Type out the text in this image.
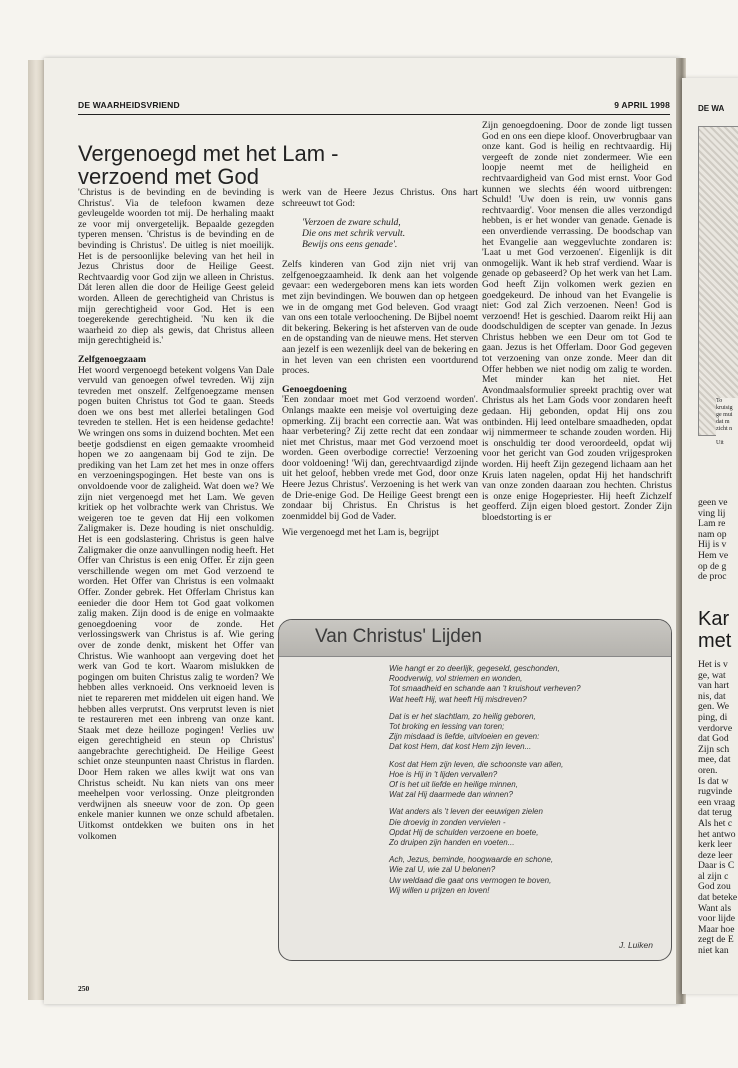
DE WA
To
kruisig
ge mui
dat m
zicht n

Uit

geen ve

ving lij

Lam re

nam op

Hij is v

Hem ve

op de g

de proc

Kar
met

Het is v

ge, wat

van hart

nis, dat

gen. We

ping, di

verdorve

dat God

Zijn sch

mee, dat

oren.

Is dat w

rugvinde

een vraag

dat terug

Als het c

het antwo

kerk leer

deze leer

Daar is C

al zijn c

God zou

dat beteke

Want als

voor lijde

Maar hoe

zegt de E

niet kan

DE WAARHEIDSVRIEND	9 APRIL 1998
Vergenoegd met het Lam - verzoend met God

'Christus is de bevinding en de bevinding is Christus'. Via de telefoon kwamen deze gevleugelde woorden tot mij. De herhaling maakt ze voor mij onvergetelijk. Bepaalde gezegden typeren mensen. 'Christus is de bevinding en de bevinding is Christus'. De uitleg is niet moeilijk. Het is de persoonlijke beleving van het heil in Jezus Christus door de Heilige Geest. Rechtvaardig voor God zijn we alleen in Christus. Dát leren allen die door de Heilige Geest geleid worden. Alleen de gerechtigheid van Christus is mijn gerechtigheid voor God. Het is een toegerekende gerechtigheid. 'Nu ken ik die waarheid zo diep als gewis, dat Christus alleen mijn gerechtigheid is.'

Zelfgenoegzaam

Het woord vergenoegd betekent volgens Van Dale vervuld van genoegen ofwel tevreden. Wij zijn tevreden met onszelf. Zelfgenoegzame mensen pogen buiten Christus tot God te gaan. Steeds doen we ons best met allerlei betalingen God tevreden te stellen. Het is een heidense gedachte! We wringen ons soms in duizend bochten. Met een beetje godsdienst en eigen gemaakte vroomheid hopen we zo aangenaam bij God te zijn. De prediking van het Lam zet het mes in onze offers en verzoeningspogingen. Het beste van ons is onvoldoende voor de zaligheid. Wat doen we? We zijn niet vergenoegd met het Lam. We geven kritiek op het volbrachte werk van Christus. We weigeren toe te geven dat Hij een volkomen Zaligmaker is. Deze houding is niet onschuldig. Het is een godslastering. Christus is geen halve Zaligmaker die onze aanvullingen nodig heeft. Het Offer van Christus is een enig Offer. Er zijn geen verschillende wegen om met God verzoend te worden. Het Offer van Christus is een volmaakt Offer. Zonder gebrek. Het Offerlam Christus kan eenieder die door Hem tot God gaat volkomen zalig maken. Zijn dood is de enige en volmaakte genoegdoening voor de zonde. Het verlossingswerk van Christus is af. Wie gering over de zonde denkt, miskent het Offer van Christus. Wie wanhoopt aan vergeving doet het werk van God te kort. Waarom mislukken de pogingen om buiten Christus zalig te worden? We hebben alles verknoeid. Ons verknoeid leven is niet te repareren met middelen uit eigen hand. We hebben alles verprutst. Ons verprutst leven is niet te restaureren met een inbreng van onze kant. Staak met deze heilloze pogingen! Verlies uw eigen gerechtigheid en steun op Christus' aangebrachte gerechtigheid. De Heilige Geest schiet onze steunpunten naast Christus in flarden. Door Hem raken we alles kwijt wat ons van Christus scheidt. Nu kan niets van ons meer meehelpen voor verlossing. Onze pleitgronden verdwijnen als sneeuw voor de zon. Op geen enkele manier kunnen we onze schuld afbetalen. Uitkomst ontdekken we buiten ons in het volkomen

werk van de Heere Jezus Christus. Ons hart schreeuwt tot God:

'Verzoen de zware schuld,
Die ons met schrik vervult.
Bewijs ons eens genade'.

Zelfs kinderen van God zijn niet vrij van zelfgenoegzaamheid. Ik denk aan het volgende gevaar: een wedergeboren mens kan iets worden met zijn bevindingen. We bouwen dan op hetgeen we in de omgang met God beleven. God vraagt van ons een totale verloochening. De Bijbel noemt dit bekering. Bekering is het afsterven van de oude en de opstanding van de nieuwe mens. Het sterven aan jezelf is een wezenlijk deel van de bekering en in het leven van een christen een voortdurend proces.

Genoegdoening

'Een zondaar moet met God verzoend worden'. Onlangs maakte een meisje vol overtuiging deze opmerking. Zij bracht een correctie aan. Wat was haar verbetering? Zij zette recht dat een zondaar niet met Christus, maar met God verzoend moet worden. Geen overbodige correctie! Verzoening door voldoening! 'Wij dan, gerechtvaardigd zijnde uit het geloof, hebben vrede met God, door onze Heere Jezus Christus'. Verzoening is het werk van de Drie-enige God. De Heilige Geest brengt een zondaar bij Christus. En Christus is het zoenmiddel bij God de Vader.

Wie vergenoegd met het Lam is, begrijpt

Zijn genoegdoening. Door de zonde ligt tussen God en ons een diepe kloof. Onoverbrugbaar van onze kant. God is heilig en rechtvaardig. Hij vergeeft de zonde niet zondermeer. Wie een loopje neemt met de heiligheid en rechtvaardigheid van God mist ernst. Voor God kunnen we slechts één woord uitbrengen: Schuld! 'Uw doen is rein, uw vonnis gans rechtvaardig'. Voor mensen die alles verzondigd hebben, is er het wonder van genade. Genade is een onverdiende verrassing. De boodschap van het Evangelie aan weggevluchte zondaren is: 'Laat u met God verzoenen'. Eigenlijk is dit onmogelijk. Want ik heb straf verdiend. Waar is genade op gebaseerd? Op het werk van het Lam. God heeft Zijn volkomen werk gezien en goedgekeurd. De inhoud van het Evangelie is niet: God zal Zich verzoenen. Neen! God is verzoend! Het is geschied. Daarom reikt Hij aan doodschuldigen de scepter van genade. In Jezus Christus hebben we een Deur om tot God te gaan. Jezus is het Offerlam. Door God gegeven tot verzoening van onze zonde. Meer dan dit Offer hebben we niet nodig om zalig te worden. Met minder kan het niet. Het Avondmaalsformulier spreekt prachtig over wat Christus als het Lam Gods voor zondaren heeft gedaan. Hij gebonden, opdat Hij ons zou ontbinden. Hij leed ontelbare smaadheden, opdat wij nimmermeer te schande zouden worden. Hij is onschuldig ter dood veroordeeld, opdat wij voor het gericht van God zouden vrijgesproken worden. Hij heeft Zijn gezegend lichaam aan het Kruis laten nagelen, opdat Hij het handschrift van onze zonden daaraan zou hechten. Christus is onze enige Hogepriester. Hij heeft Zichzelf geofferd. Zijn eigen bloed gestort. Zonder Zijn bloedstorting is er

Van Christus' Lijden
Wie hangt er zo deerlijk, gegeseld, geschonden,
Roodverwig, vol striemen en wonden,
Tot smaadheid en schande aan 't kruishout verheven?
Wat heeft Hij, wat heeft Hij misdreven?
Dat is er het slachtlam, zo heilig geboren,
Tot broking en lessing van toren;
Zijn misdaad is liefde, uitvloeien en geven:
Dat kost Hem, dat kost Hem zijn leven...
Kost dat Hem zijn leven, die schoonste van allen,
Hoe is Hij in 't lijden vervallen?
Of is het uit liefde en heilige minnen,
Wat zal Hij daarmede dan winnen?
Wat anders als 't leven der eeuwigen zielen
Die droevig in zonden vervielen -
Opdat Hij de schulden verzoene en boete,
Zo druipen zijn handen en voeten...
Ach, Jezus, beminde, hoogwaarde en schone,
Wie zal U, wie zal U belonen?
Uw weldaad die gaat ons vermogen te boven,
Wij willen u prijzen en loven!
J. Luiken
250
